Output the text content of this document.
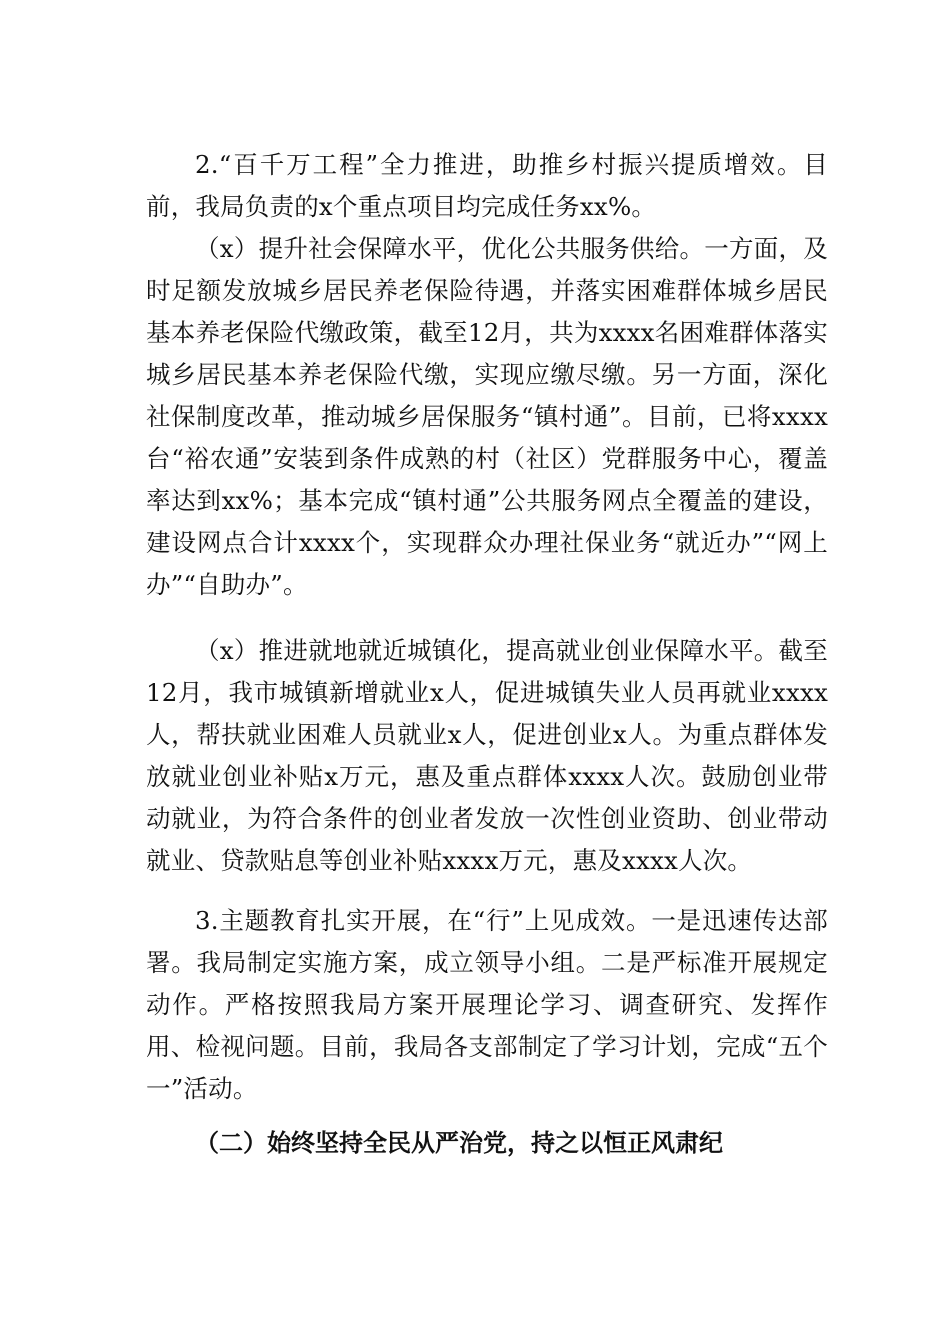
2.“百千万工程”全力推进，助推乡村振兴提质增效。目前，我局负责的x个重点项目均完成任务xx%。

（x）提升社会保障水平，优化公共服务供给。一方面，及时足额发放城乡居民养老保险待遇，并落实困难群体城乡居民基本养老保险代缴政策，截至12月，共为xxxx名困难群体落实城乡居民基本养老保险代缴，实现应缴尽缴。另一方面，深化社保制度改革，推动城乡居保服务“镇村通”。目前，已将xxxx台“裕农通”安装到条件成熟的村（社区）党群服务中心，覆盖率达到xx%；基本完成“镇村通”公共服务网点全覆盖的建设，建设网点合计xxxx个，实现群众办理社保业务“就近办”“网上办”“自助办”。

（x）推进就地就近城镇化，提高就业创业保障水平。截至12月，我市城镇新增就业x人，促进城镇失业人员再就业xxxx人，帮扶就业困难人员就业x人，促进创业x人。为重点群体发放就业创业补贴x万元，惠及重点群体xxxx人次。鼓励创业带动就业，为符合条件的创业者发放一次性创业资助、创业带动就业、贷款贴息等创业补贴xxxx万元，惠及xxxx人次。

3.主题教育扎实开展，在“行”上见成效。一是迅速传达部署。我局制定实施方案，成立领导小组。二是严标准开展规定动作。严格按照我局方案开展理论学习、调查研究、发挥作用、检视问题。目前，我局各支部制定了学习计划，完成“五个一”活动。

（二）始终坚持全民从严治党，持之以恒正风肃纪
